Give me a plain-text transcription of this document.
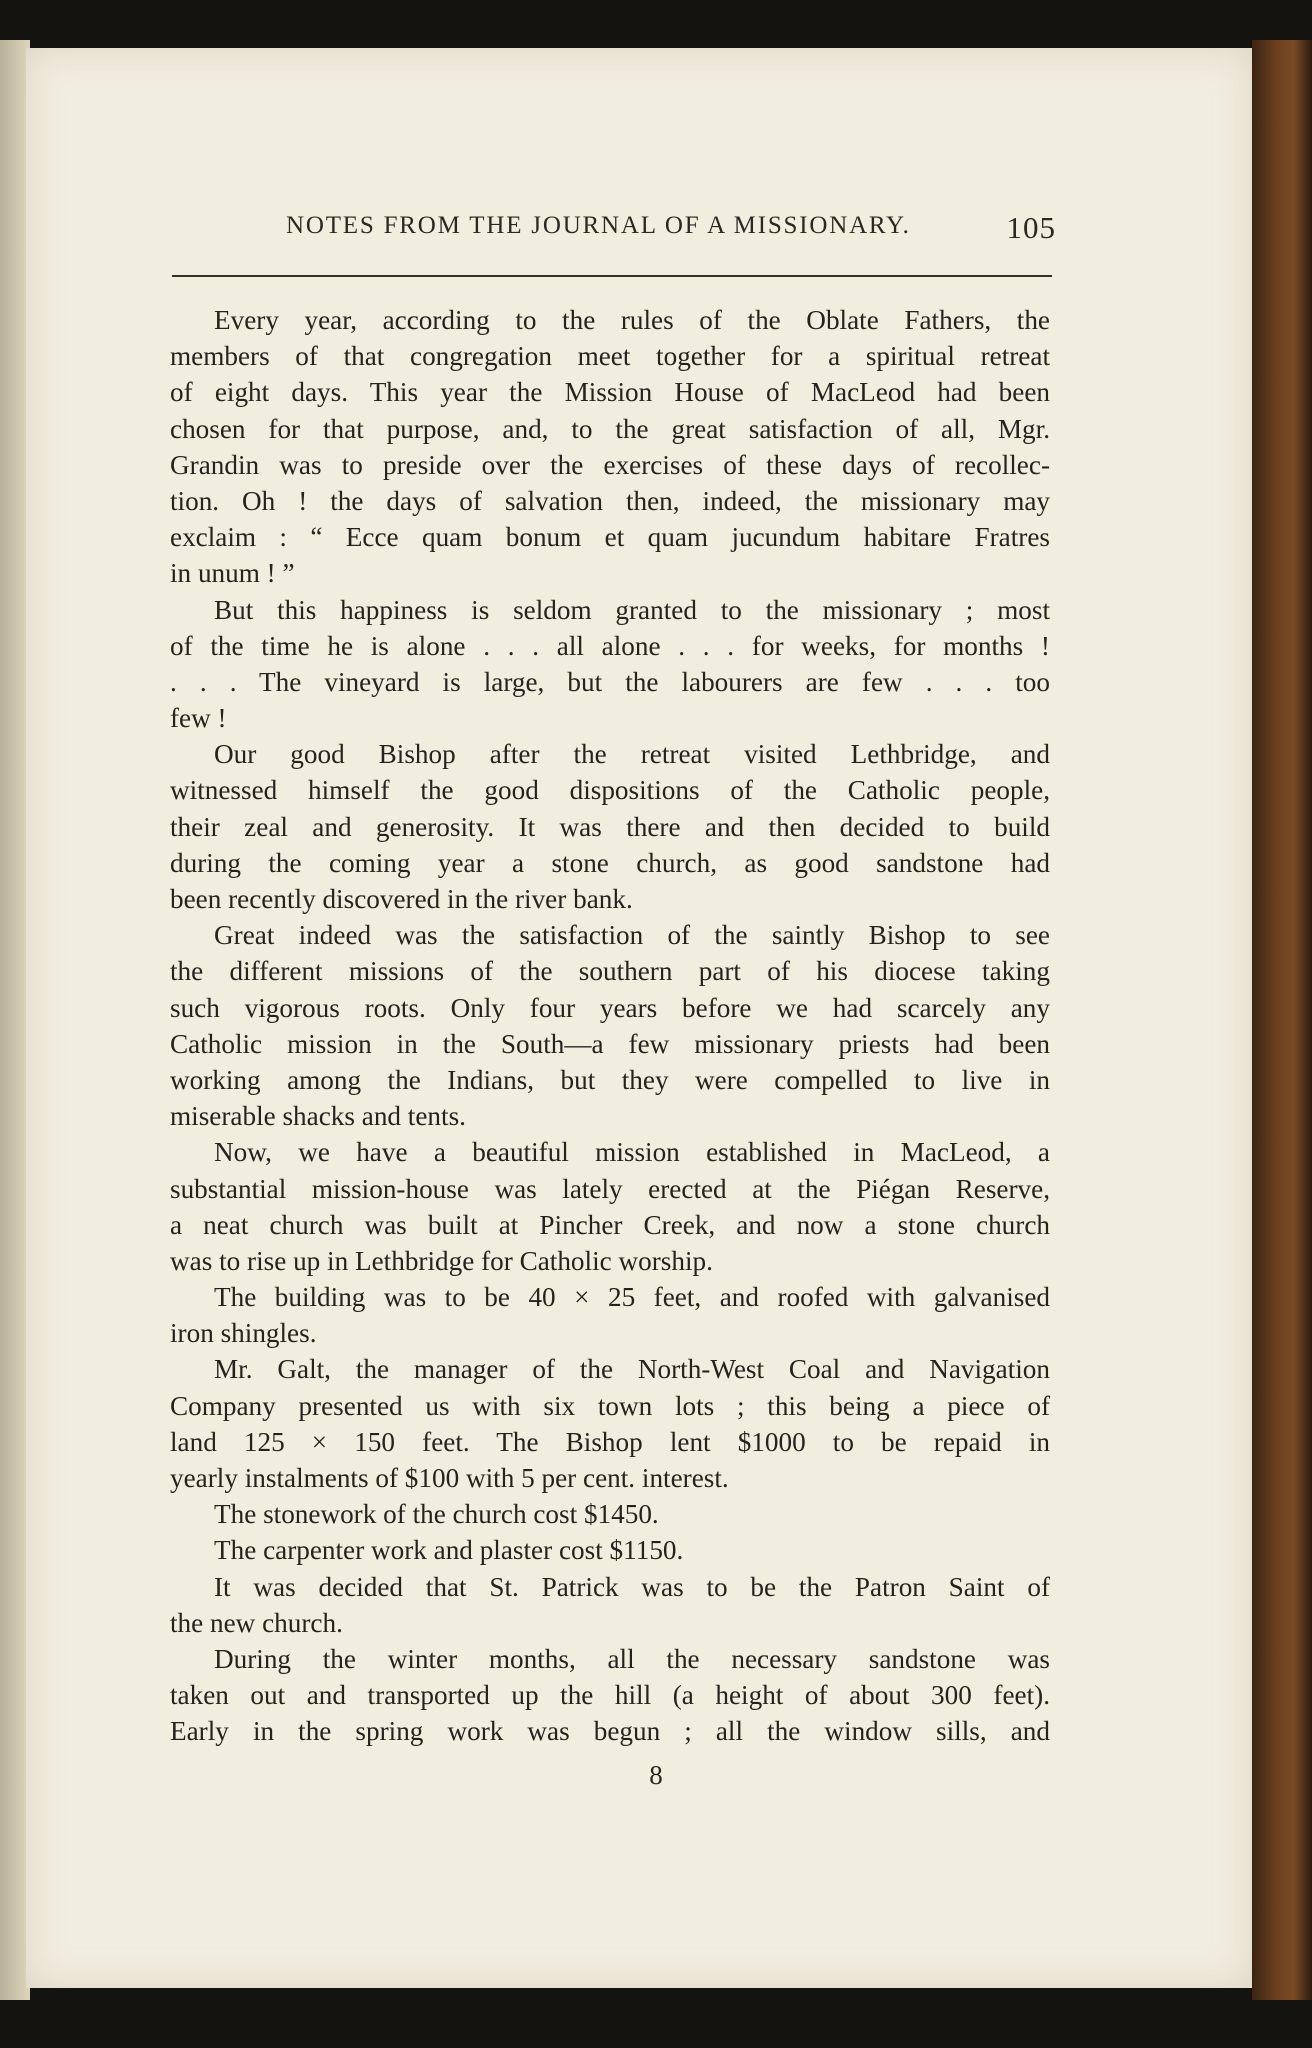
NOTES FROM THE JOURNAL OF A MISSIONARY.	105
Every year, according to the rules of the Oblate Fathers, the
members of that congregation meet together for a spiritual retreat
of eight days. This year the Mission House of MacLeod had been
chosen for that purpose, and, to the great satisfaction of all, Mgr.
Grandin was to preside over the exercises of these days of recollec-
tion. Oh ! the days of salvation then, indeed, the missionary may
exclaim : “ Ecce quam bonum et quam jucundum habitare Fratres
in unum ! ”
But this happiness is seldom granted to the missionary ; most
of the time he is alone . . . all alone . . . for weeks, for months !
. . . The vineyard is large, but the labourers are few . . . too
few !
Our good Bishop after the retreat visited Lethbridge, and
witnessed himself the good dispositions of the Catholic people,
their zeal and generosity. It was there and then decided to build
during the coming year a stone church, as good sandstone had
been recently discovered in the river bank.
Great indeed was the satisfaction of the saintly Bishop to see
the different missions of the southern part of his diocese taking
such vigorous roots. Only four years before we had scarcely any
Catholic mission in the South—a few missionary priests had been
working among the Indians, but they were compelled to live in
miserable shacks and tents.
Now, we have a beautiful mission established in MacLeod, a
substantial mission-house was lately erected at the Piégan Reserve,
a neat church was built at Pincher Creek, and now a stone church
was to rise up in Lethbridge for Catholic worship.
The building was to be 40 × 25 feet, and roofed with galvanised
iron shingles.
Mr. Galt, the manager of the North-West Coal and Navigation
Company presented us with six town lots ; this being a piece of
land 125 × 150 feet. The Bishop lent $1000 to be repaid in
yearly instalments of $100 with 5 per cent. interest.
The stonework of the church cost $1450.
The carpenter work and plaster cost $1150.
It was decided that St. Patrick was to be the Patron Saint of
the new church.
During the winter months, all the necessary sandstone was
taken out and transported up the hill (a height of about 300 feet).
Early in the spring work was begun ; all the window sills, and
8
